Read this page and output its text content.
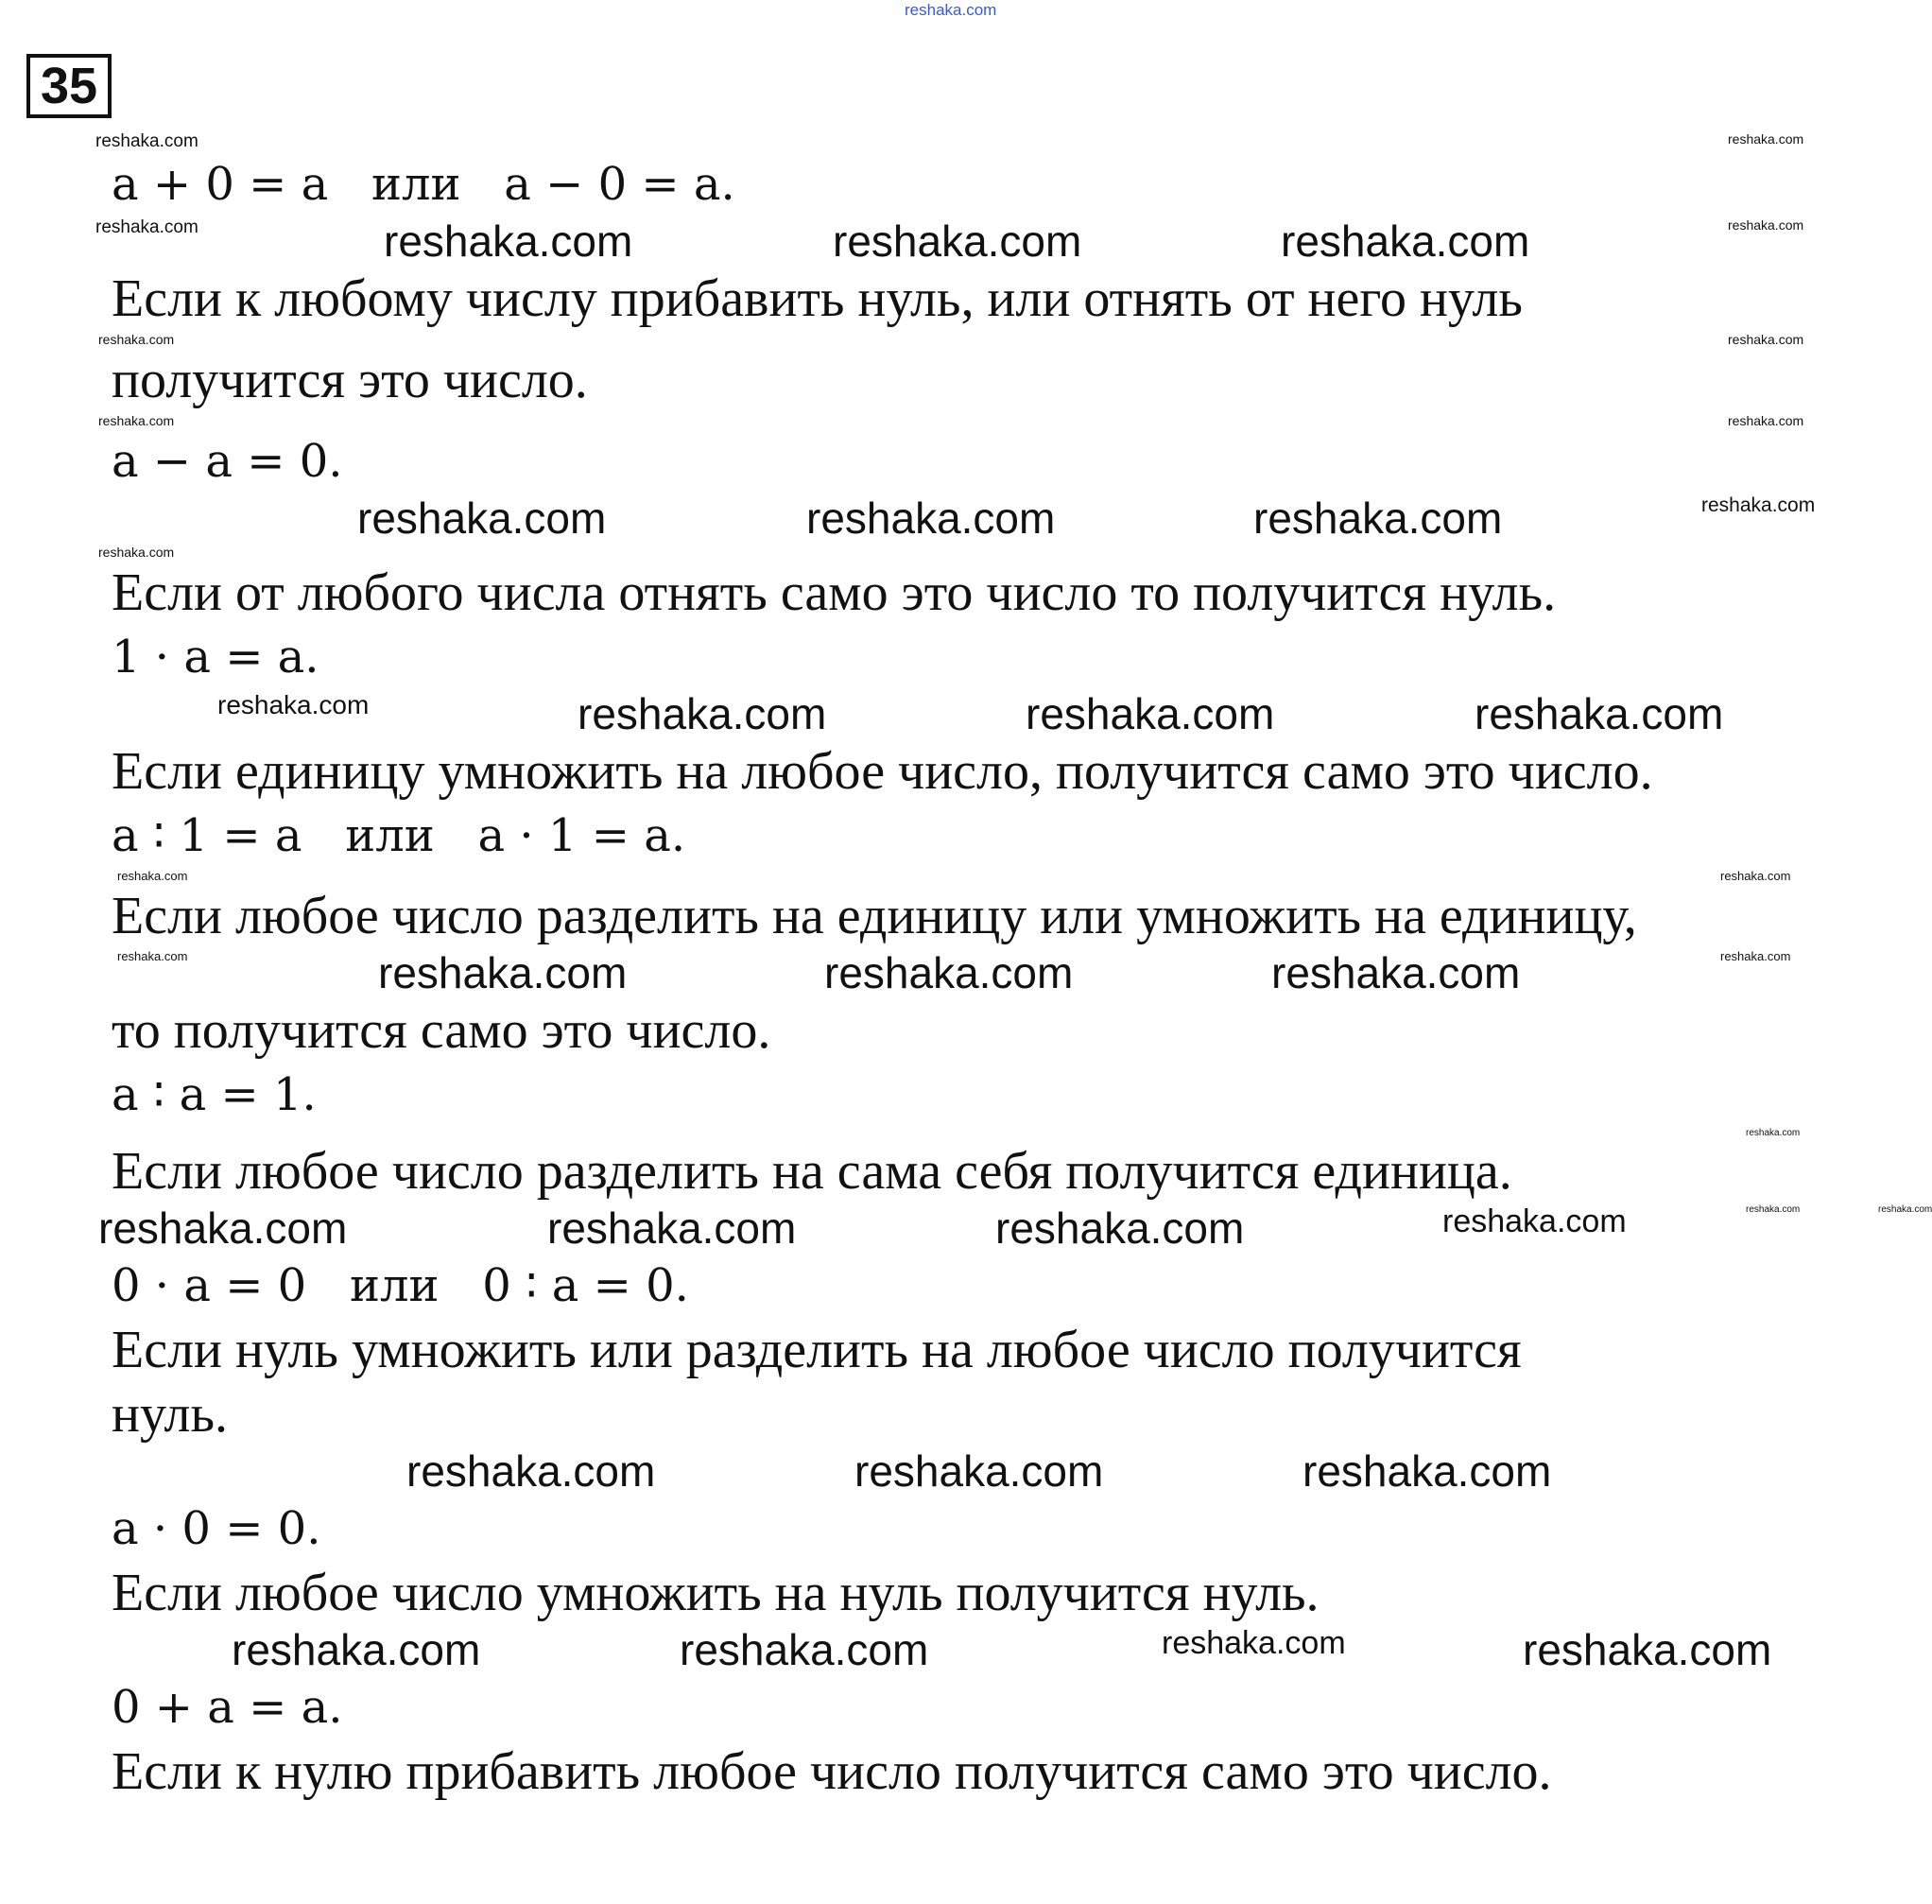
35
reshaka.com
reshaka.com	reshaka.com
a + 0 = a   или   a − 0 = a.
reshaka.com	reshaka.com	reshaka.com	reshaka.com	reshaka.com
Если к любому числу прибавить нуль, или отнять от него нуль
reshaka.com	reshaka.com
получится это число.
reshaka.com	reshaka.com
a − a = 0.
reshaka.com	reshaka.com	reshaka.com	reshaka.com
reshaka.com
Если от любого числа отнять само это число то получится нуль.
1 · a = a.
reshaka.com	reshaka.com	reshaka.com	reshaka.com
Если единицу умножить на любое число, получится само это число.
a ∶ 1 = a   или   a · 1 = a.
reshaka.com	reshaka.com
Если любое число разделить на единицу или умножить на единицу,
reshaka.com	reshaka.com	reshaka.com	reshaka.com	reshaka.com
то получится само это число.
a ∶ a = 1.
reshaka.com
Если любое число разделить на сама себя получится единица.
reshaka.com	reshaka.com	reshaka.com	reshaka.com	reshaka.com	reshaka.com
0 · a = 0   или   0 ∶ a = 0.
Если нуль умножить или разделить на любое число получится
нуль.
reshaka.com	reshaka.com	reshaka.com
a · 0 = 0.
Если любое число умножить на нуль получится нуль.
reshaka.com	reshaka.com	reshaka.com	reshaka.com
0 + a = a.
Если к нулю прибавить любое число получится само это число.
